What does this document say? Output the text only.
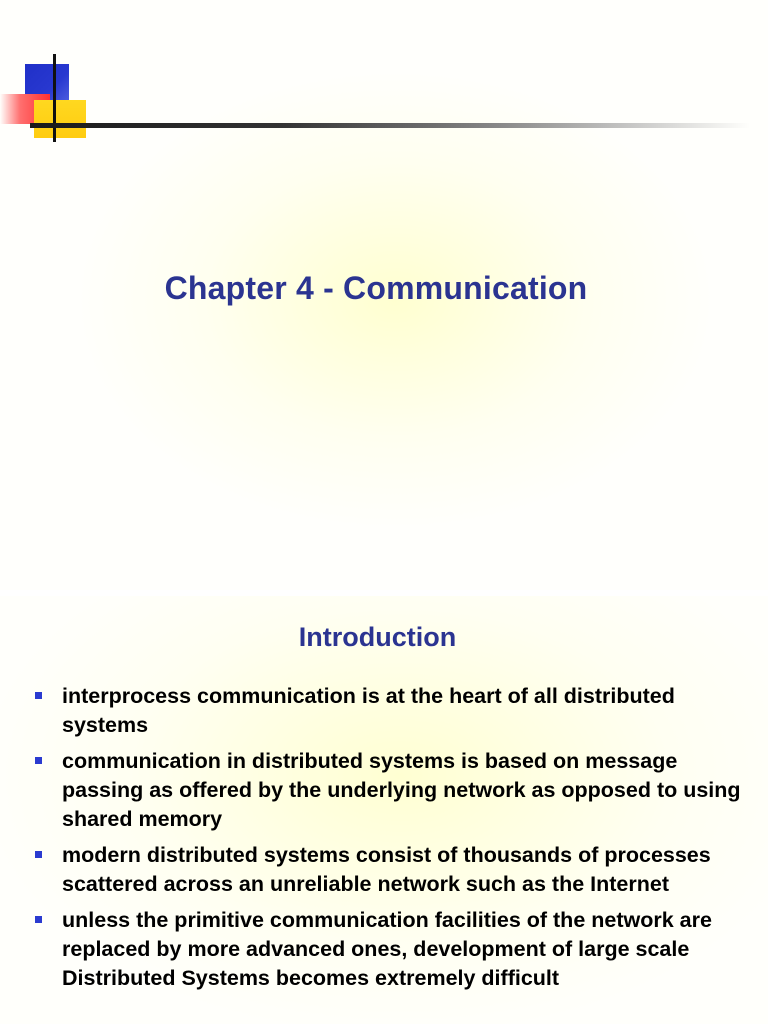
Chapter 4 - Communication
Introduction
interprocess communication is at the heart of all distributed systems
communication in distributed systems is based on message passing as offered by the underlying network as opposed to using shared memory
modern distributed systems consist of thousands of processes scattered across an unreliable network such as the Internet
unless the primitive communication facilities of the network are replaced by more advanced ones, development of large scale Distributed Systems becomes extremely difficult
